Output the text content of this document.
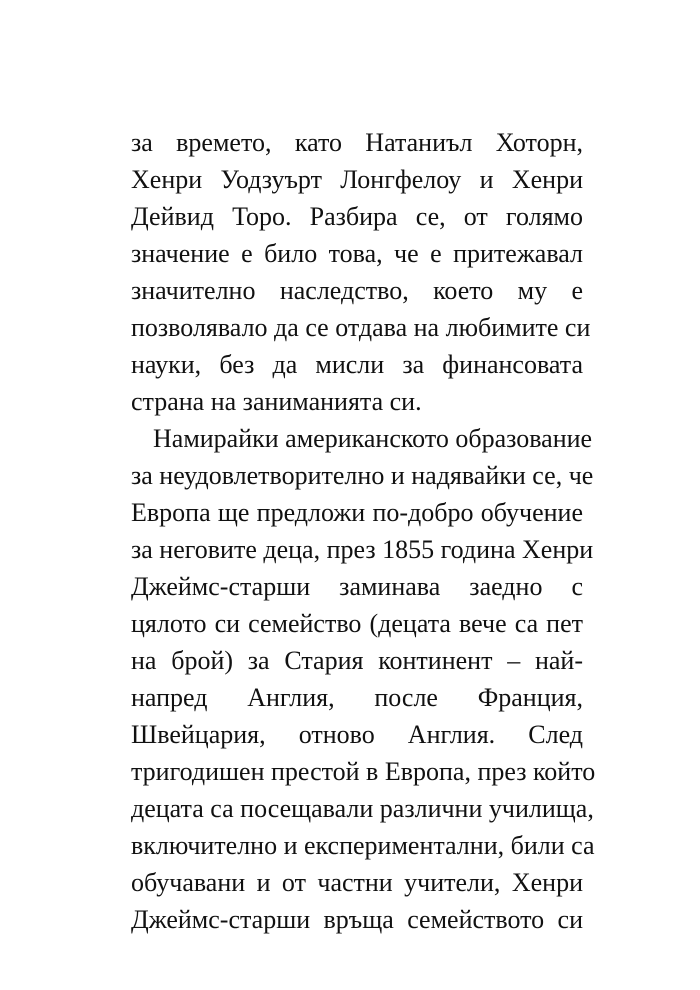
за времето, като Натаниъл Хоторн,
Хенри Уодзуърт Лонгфелоу и Хенри
Дейвид Торо. Разбира се, от голямо
значение е било това, че е притежавал
значително наследство, което му е
позволявало да се отдава на любимите си
науки, без да мисли за финансовата
страна на заниманията си.
Намирайки американското образование
за неудовлетворително и надявайки се, че
Европа ще предложи по-добро обучение
за неговите деца, през 1855 година Хенри
Джеймс-старши заминава заедно с
цялото си семейство (децата вече са пет
на брой) за Стария континент – най-
напред Англия, после Франция,
Швейцария, отново Англия. След
тригодишен престой в Европа, през който
децата са посещавали различни училища,
включително и експериментални, били са
обучавани и от частни учители, Хенри
Джеймс-старши връща семейството си
